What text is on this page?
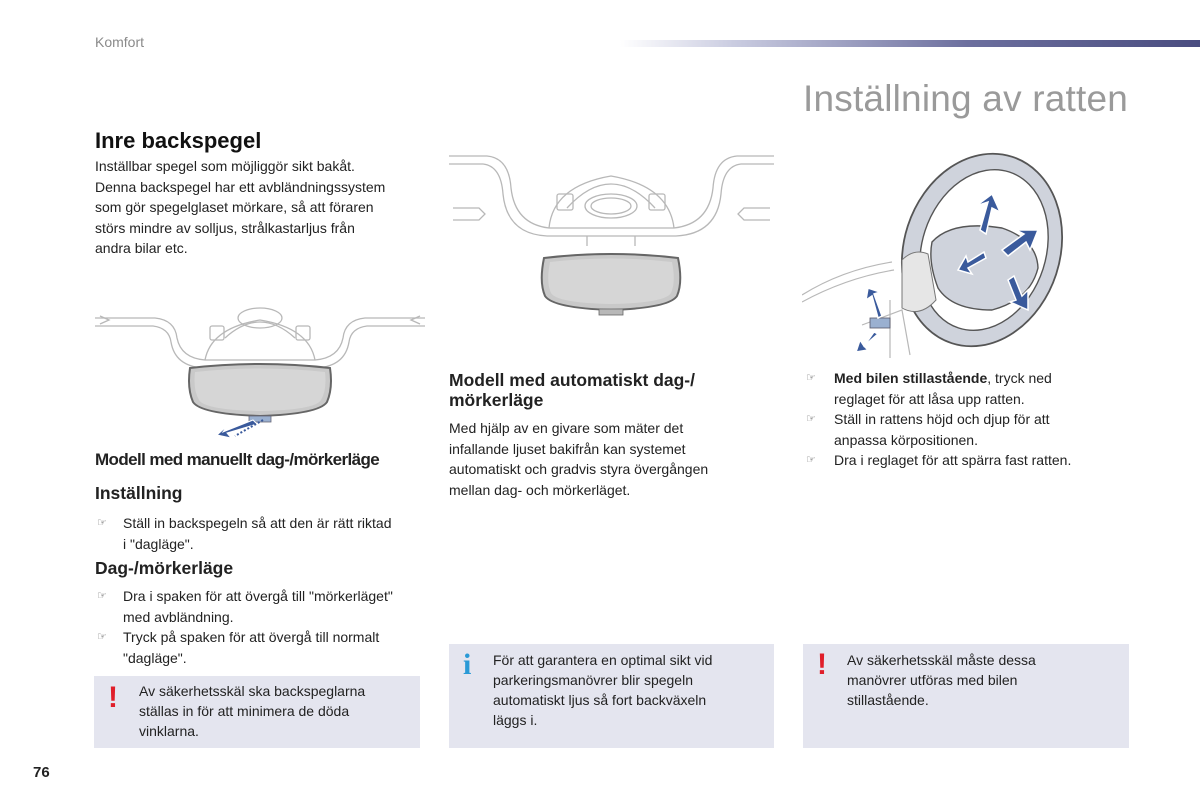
Komfort
Inställning av ratten
Inre backspegel
Inställbar spegel som möjliggör sikt bakåt.
Denna backspegel har ett avbländningssystem
som gör spegelglaset mörkare, så att föraren
störs mindre av solljus, strålkastarljus från
andra bilar etc.
Modell med manuellt dag-/mörkerläge
Inställning
☞ Ställ in backspegeln så att den är rätt riktad
i "dagläge".
Dag-/mörkerläge
☞ Dra i spaken för att övergå till "mörkerläget"
med avbländning.
☞ Tryck på spaken för att övergå till normalt
"dagläge".
! Av säkerhetsskäl ska backspeglarna
ställas in för att minimera de döda
vinklarna.
Modell med automatiskt dag-/
mörkerläge
Med hjälp av en givare som mäter det
infallande ljuset bakifrån kan systemet
automatiskt och gradvis styra övergången
mellan dag- och mörkerläget.
i För att garantera en optimal sikt vid
parkeringsmanövrer blir spegeln
automatiskt ljus så fort backväxeln
läggs i.
☞ Med bilen stillastående, tryck ned
reglaget för att låsa upp ratten.
☞ Ställ in rattens höjd och djup för att
anpassa körpositionen.
☞ Dra i reglaget för att spärra fast ratten.
! Av säkerhetsskäl måste dessa
manövrer utföras med bilen
stillastående.
76
